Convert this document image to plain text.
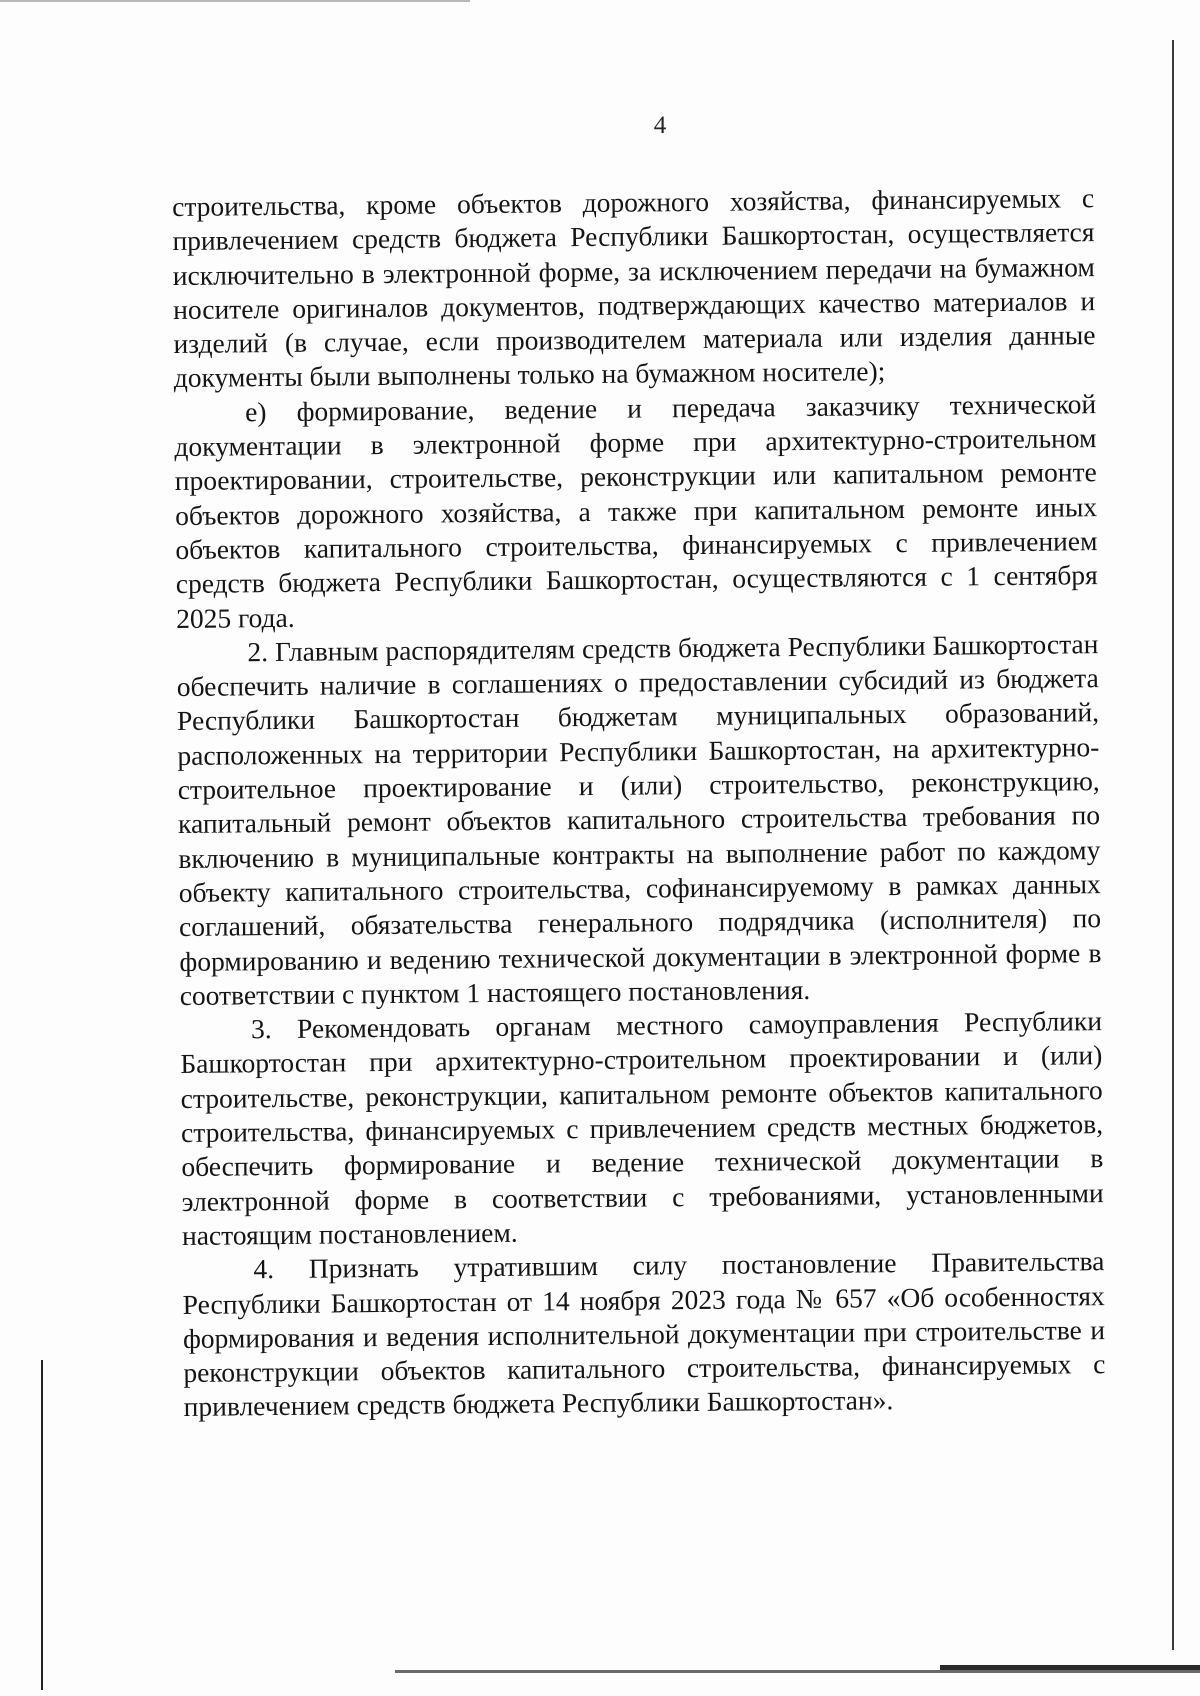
4

строительства, кроме объектов дорожного хозяйства, финансируемых с привлечением средств бюджета Республики Башкортостан, осуществляется исключительно в электронной форме, за исключением передачи на бумажном носителе оригиналов документов, подтверждающих качество материалов и изделий (в случае, если производителем материала или изделия данные документы были выполнены только на бумажном носителе);

е) формирование, ведение и передача заказчику технической документации в электронной форме при архитектурно-строительном проектировании, строительстве, реконструкции или капитальном ремонте объектов дорожного хозяйства, а также при капитальном ремонте иных объектов капитального строительства, финансируемых с привлечением средств бюджета Республики Башкортостан, осуществляются с 1 сентября 2025 года.

2. Главным распорядителям средств бюджета Республики Башкортостан обеспечить наличие в соглашениях о предоставлении субсидий из бюджета Республики Башкортостан бюджетам муниципальных образований, расположенных на территории Республики Башкортостан, на архитектурно-строительное проектирование и (или) строительство, реконструкцию, капитальный ремонт объектов капитального строительства требования по включению в муниципальные контракты на выполнение работ по каждому объекту капитального строительства, софинансируемому в рамках данных соглашений, обязательства генерального подрядчика (исполнителя) по формированию и ведению технической документации в электронной форме в соответствии с пунктом 1 настоящего постановления.

3. Рекомендовать органам местного самоуправления Республики Башкортостан при архитектурно-строительном проектировании и (или) строительстве, реконструкции, капитальном ремонте объектов капитального строительства, финансируемых с привлечением средств местных бюджетов, обеспечить формирование и ведение технической документации в электронной форме в соответствии с требованиями, установленными настоящим постановлением.

4. Признать утратившим силу постановление Правительства Республики Башкортостан от 14 ноября 2023 года № 657 «Об особенностях формирования и ведения исполнительной документации при строительстве и реконструкции объектов капитального строительства, финансируемых с привлечением средств бюджета Республики Башкортостан».
